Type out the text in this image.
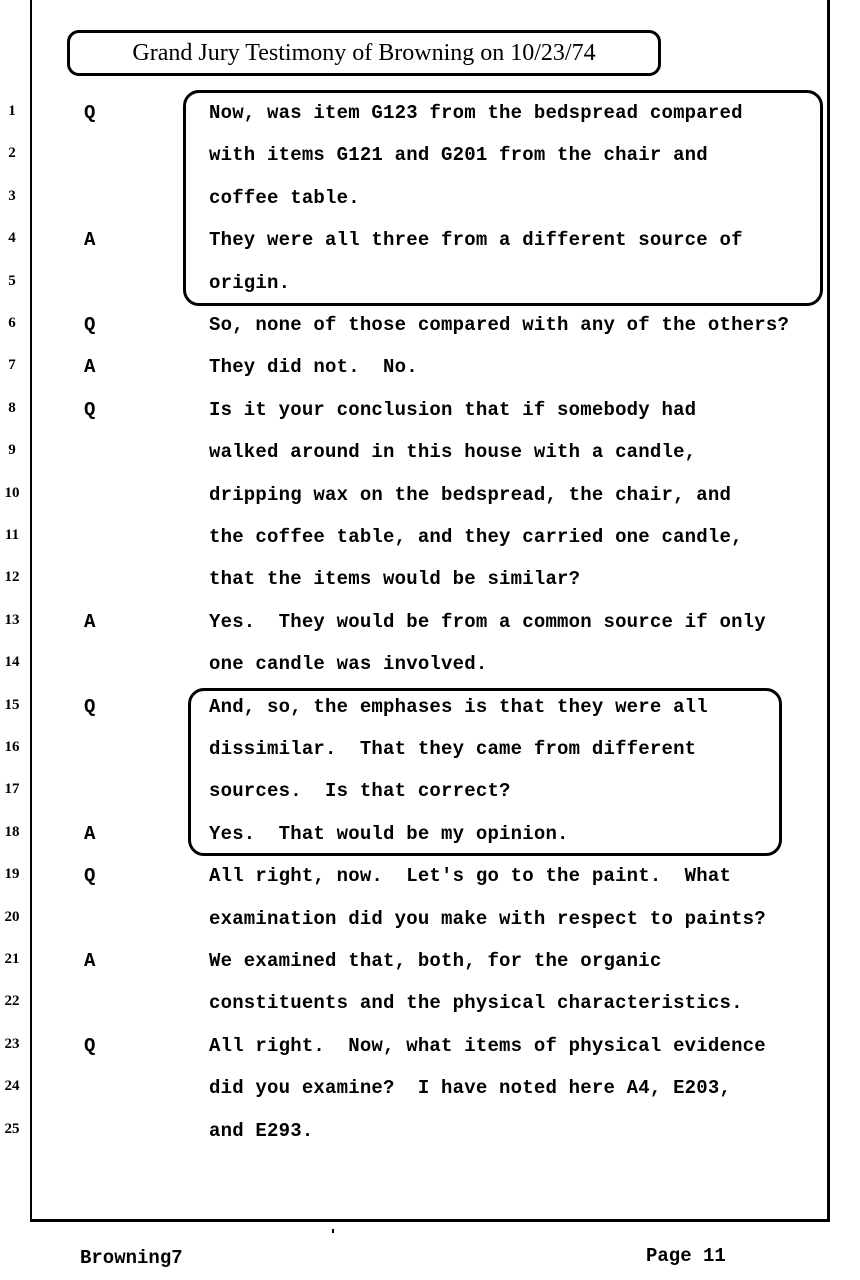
Grand Jury Testimony of Browning on 10/23/74
1	Q	Now, was item G123 from the bedspread compared
2	with items G121 and G201 from the chair and
3	coffee table.
4	A	They were all three from a different source of
5	origin.
6	Q	So, none of those compared with any of the others?
7	A	They did not.  No.
8	Q	Is it your conclusion that if somebody had
9	walked around in this house with a candle,
10	dripping wax on the bedspread, the chair, and
11	the coffee table, and they carried one candle,
12	that the items would be similar?
13	A	Yes.  They would be from a common source if only
14	one candle was involved.
15	Q	And, so, the emphases is that they were all
16	dissimilar.  That they came from different
17	sources.  Is that correct?
18	A	Yes.  That would be my opinion.
19	Q	All right, now.  Let's go to the paint.  What
20	examination did you make with respect to paints?
21	A	We examined that, both, for the organic
22	constituents and the physical characteristics.
23	Q	All right.  Now, what items of physical evidence
24	did you examine?  I have noted here A4, E203,
25	and E293.
Browning7	Page 11
